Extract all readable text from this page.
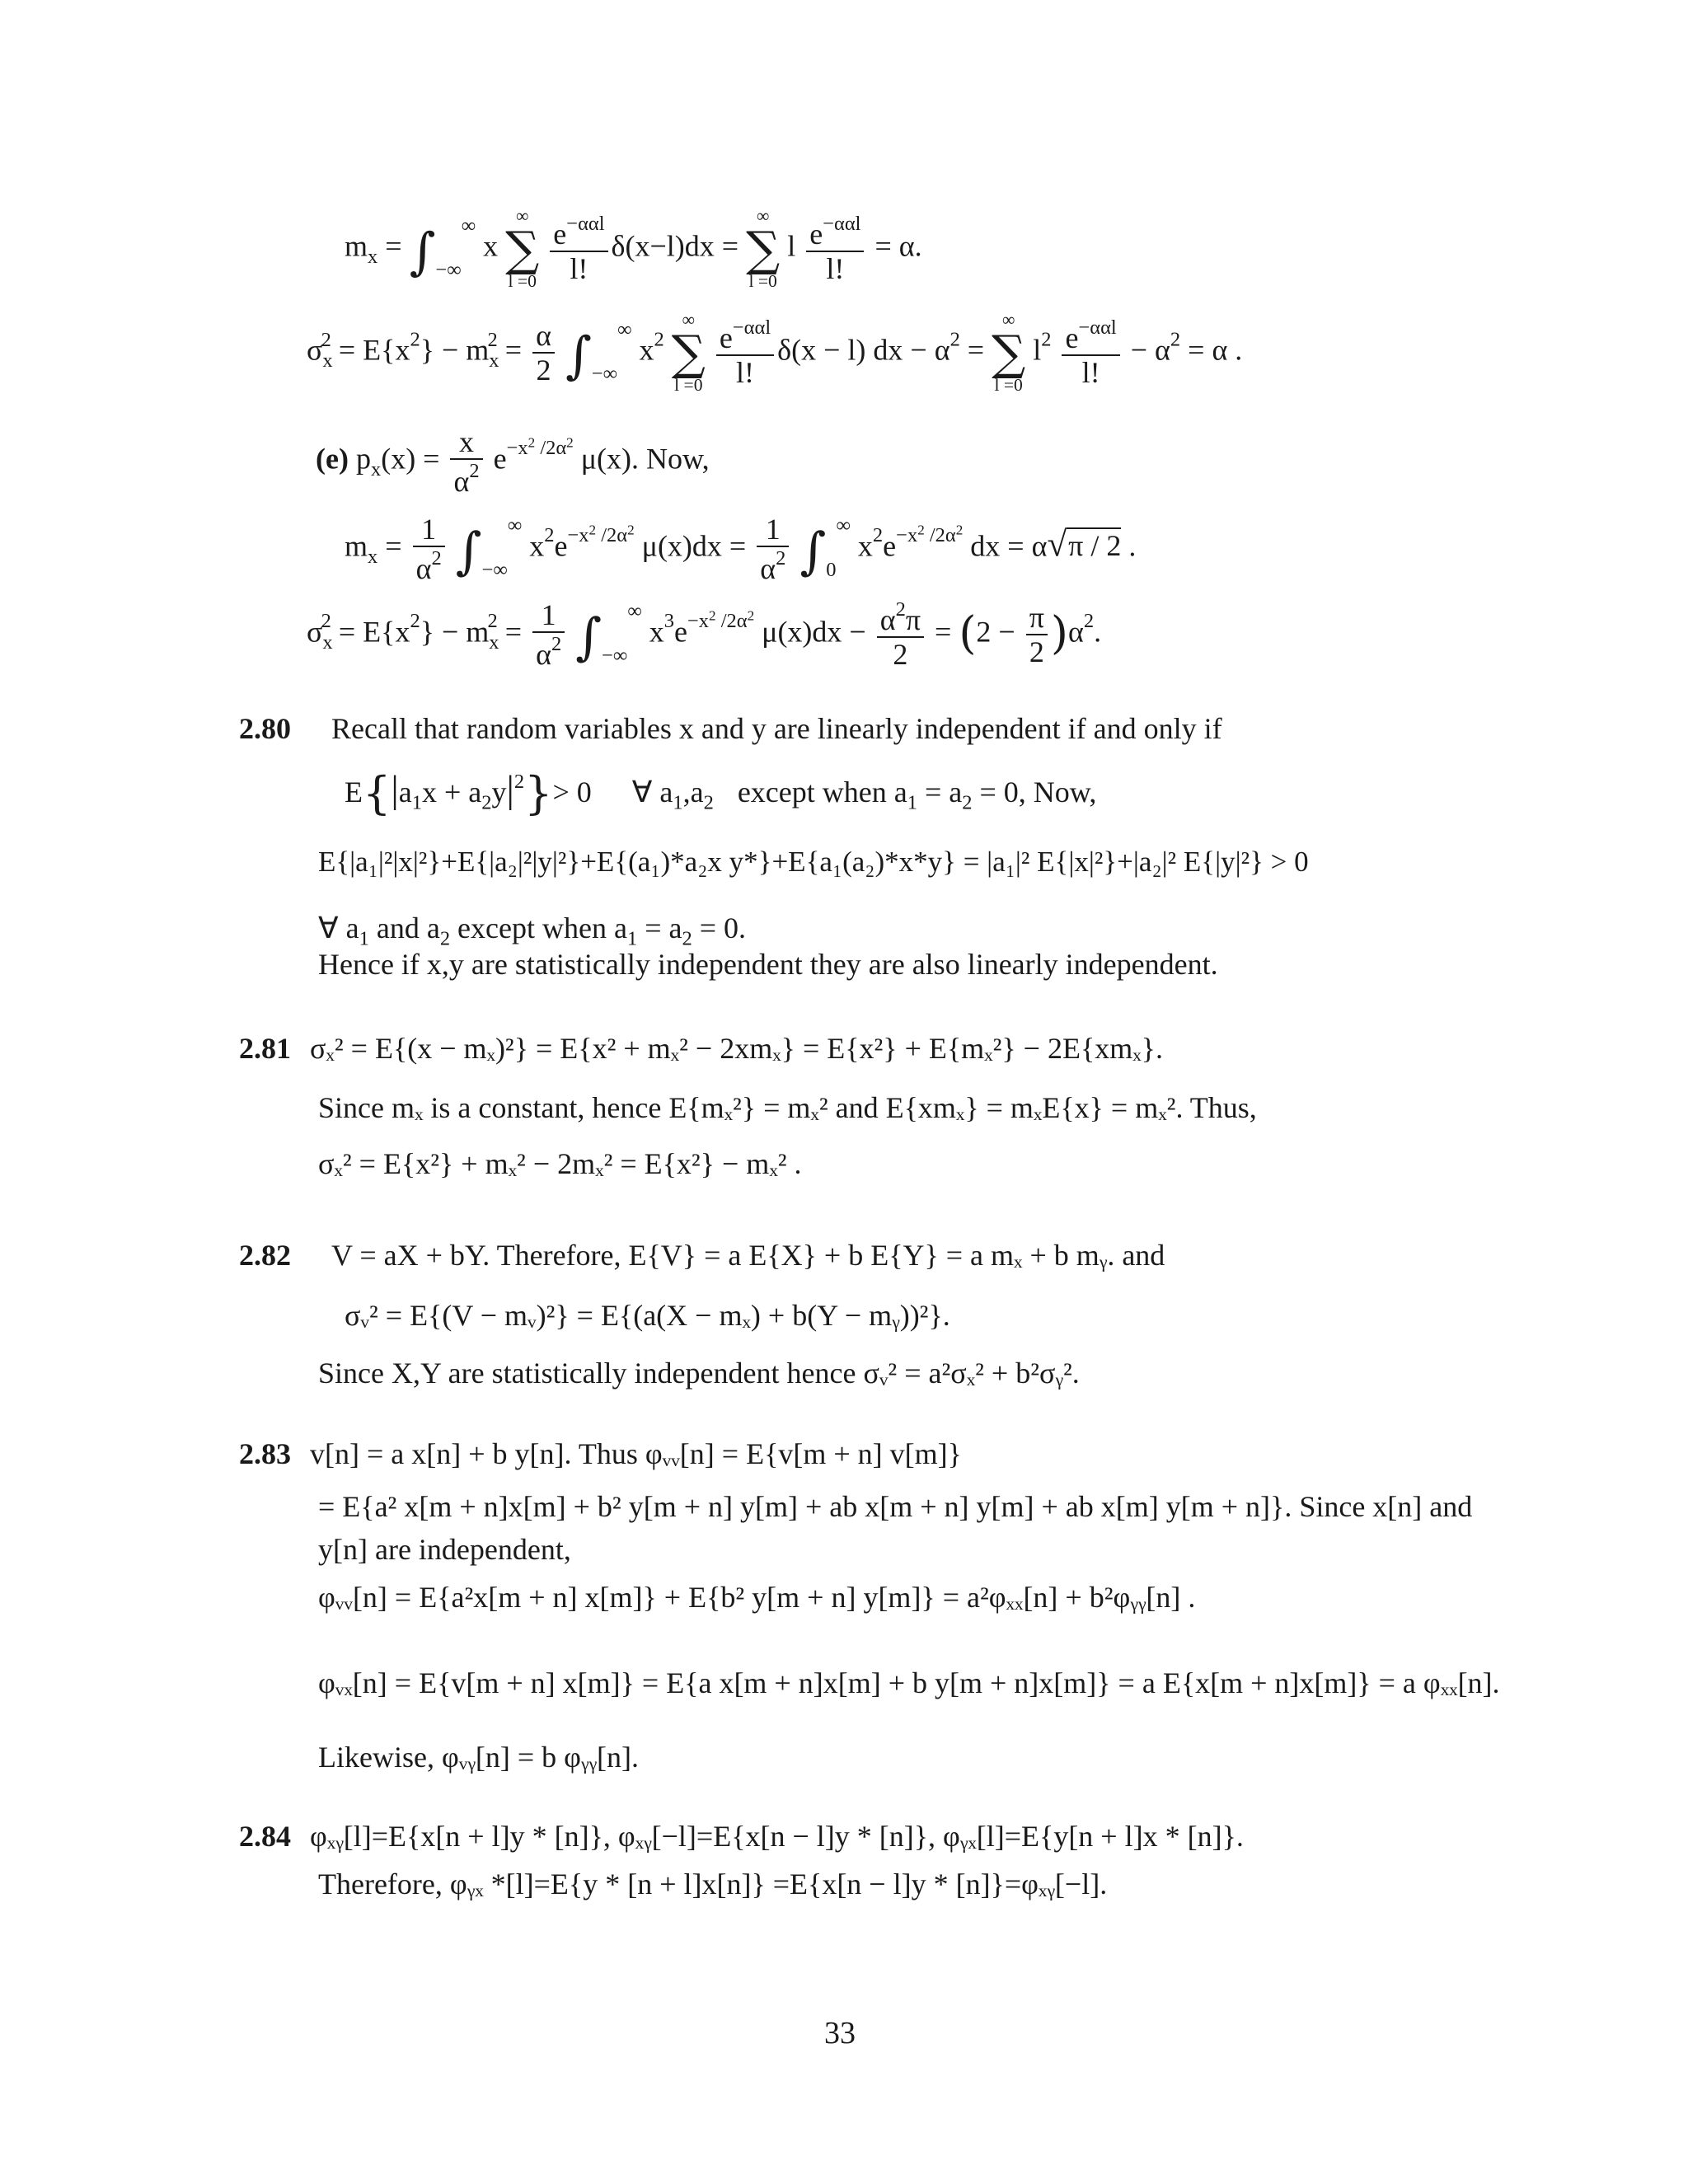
$m_x = \int_{-\infty}^\infty$ x
∞
∑
l =0
$\frac{e^{-\alpha\alpha l}}{l!} \delta(x-l)dx$ =
∞
∑
l =0
l $\frac{e^{-\alpha\alpha l}}{l!} = \alpha$.
$\sigma_x^2 = E\{x^2\} - m_x^2 = \frac{\alpha}{2} \int_{-\infty}^\infty$ $x^2$
∞
∑
l =0
$\frac{e^{-\alpha\alpha l}}{l!} \delta(x - l)$ dx − $\alpha^2$ =
∞
∑
l =0
$l^2 \frac{e^{-\alpha\alpha l}}{l!} - \alpha^2 = \alpha$ .
(e) $p_x(x) = \frac{x}{\alpha^2} e^{-x^2 /2\alpha^2}$ μ(x). Now,
$m_x = \frac{1}{\alpha^2} \int_{-\infty}^\infty$ $x^2e^{-x^2 /2\alpha^2}$ $\mu(x)dx = \frac{1}{\alpha^2} \int_0^\infty$ $x^2e^{-x^2 /2\alpha^2}$ dx = α√π / 2 .
$\sigma_x^2 = E\{x^2\} - m_x^2 = \frac{1}{\alpha^2} \int_{-\infty}^\infty$ $x^3e^{-x^2 /2\alpha^2}$ $\mu(x)dx - \frac{\alpha^2\pi}{2} = (2 - \frac{\pi}{2} )\alpha^2$.
2.80 Recall that random variables x and y are linearly independent if and only if
$E\{|a_1x + a_2y|^2\}> 0$ ∀ $a_1,a_2$ except when $a_1 = a_2 = 0$, Now,
E{|a₁|²|x|²}+E{|a₂|²|y|²}+E{(a₁)*a₂x y*}+E{a₁(a₂)*x*y} = |a₁|² E{|x|²}+|a₂|² E{|y|²} > 0
∀ $a_1$ and $a_2$ except when $a_1 = a_2 = 0$.
Hence if x,y are statistically independent they are also linearly independent.
2.81 σₓ² = E{(x − mₓ)²} = E{x² + mₓ² − 2xmₓ} = E{x²} + E{mₓ²} − 2E{xmₓ}.
Since mₓ is a constant, hence E{mₓ²} = mₓ² and E{xmₓ} = mₓE{x} = mₓ². Thus,
σₓ² = E{x²} + mₓ² − 2mₓ² = E{x²} − mₓ² .
2.82 V = aX + bY. Therefore, E{V} = a E{X} + b E{Y} = a mₓ + b mᵧ. and
σᵥ² = E{(V − mᵥ)²} = E{(a(X − mₓ) + b(Y − mᵧ))²}.
Since X,Y are statistically independent hence σᵥ² = a²σₓ² + b²σᵧ².
2.83 v[n] = a x[n] + b y[n]. Thus φᵥᵥ[n] = E{v[m + n] v[m]}
= E{a² x[m + n]x[m] + b² y[m + n] y[m] + ab x[m + n] y[m] + ab x[m] y[m + n]}. Since x[n] and
y[n] are independent,
φᵥᵥ[n] = E{a²x[m + n] x[m]} + E{b² y[m + n] y[m]} = a²φₓₓ[n] + b²φᵧᵧ[n] .
φᵥₓ[n] = E{v[m + n] x[m]} = E{a x[m + n]x[m] + b y[m + n]x[m]} = a E{x[m + n]x[m]} = a φₓₓ[n].
Likewise, φᵥᵧ[n] = b φᵧᵧ[n].
2.84 φₓᵧ[l]=E{x[n + l]y * [n]}, φₓᵧ[−l]=E{x[n − l]y * [n]}, φᵧₓ[l]=E{y[n + l]x * [n]}.
Therefore, φᵧₓ *[l]=E{y * [n + l]x[n]} =E{x[n − l]y * [n]}=φₓᵧ[−l].
33
